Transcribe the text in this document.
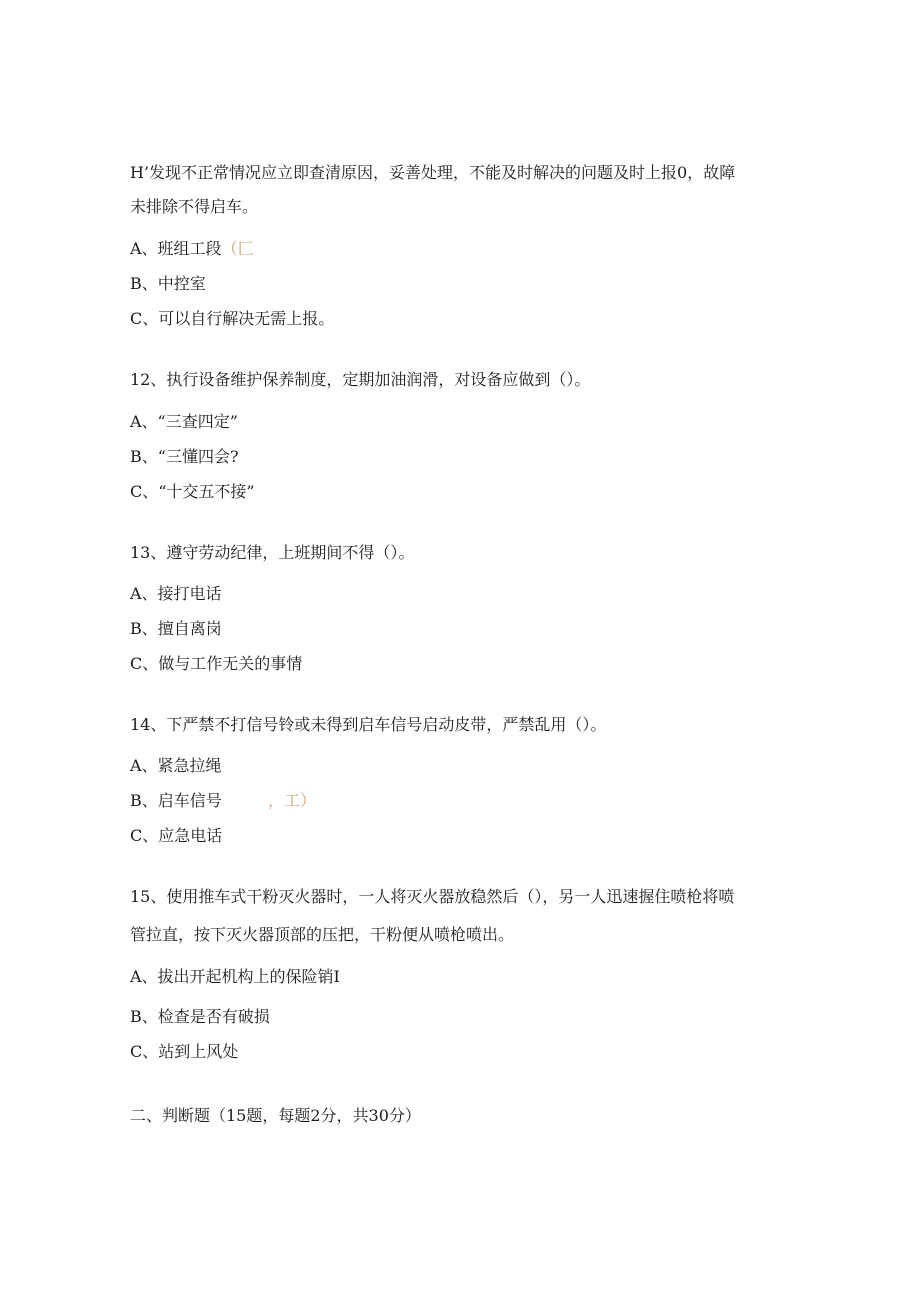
H’发现不正常情况应立即查清原因，妥善处理，不能及时解决的问题及时上报0，故障
未排除不得启车。
A、班组工段（匚
B、中控室
C、可以自行解决无需上报。
12、执行设备维护保养制度，定期加油润滑，对设备应做到（）。
A、“三查四定”
B、“三懂四会?
C、“十交五不接”
13、遵守劳动纪律，上班期间不得（）。
A、接打电话
B、擅自离岗
C、做与工作无关的事情
14、下严禁不打信号铃或未得到启车信号启动皮带，严禁乱用（）。
A、紧急拉绳
B、启车信号	，工）
C、应急电话
15、使用推车式干粉灭火器时，一人将灭火器放稳然后（），另一人迅速握住喷枪将喷
管拉直，按下灭火器顶部的压把，干粉便从喷枪喷出。
A、拔出开起机构上的保险销I
B、检查是否有破损
C、站到上风处
二、判断题（15题，每题2分，共30分）
